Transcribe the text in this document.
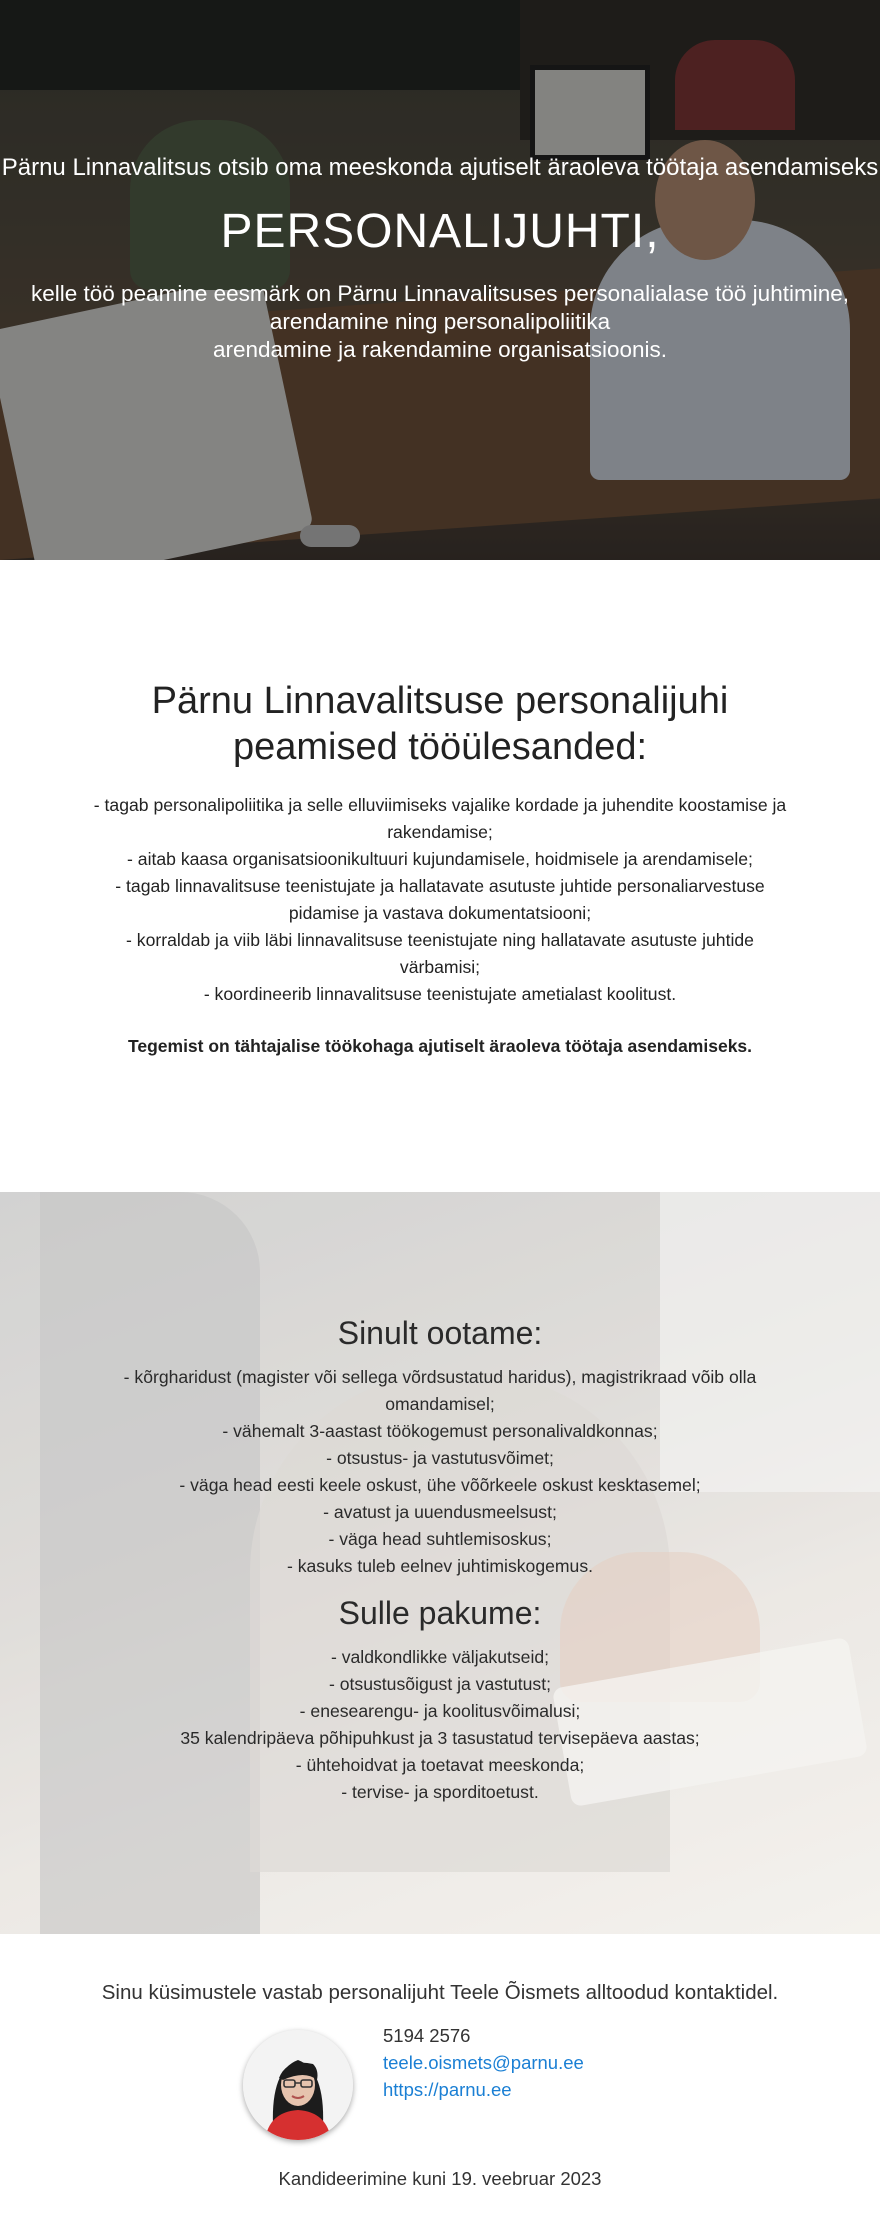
Pärnu Linnavalitsus otsib oma meeskonda ajutiselt äraoleva töötaja asendamiseks
PERSONALIJUHTI,
kelle töö peamine eesmärk on Pärnu Linnavalitsuses personalialase töö juhtimine,
arendamine ning personalipoliitika
arendamine ja rakendamine organisatsioonis.
Pärnu Linnavalitsuse personalijuhi
peamised tööülesanded:
- tagab personalipoliitika ja selle elluviimiseks vajalike kordade ja juhendite koostamise ja rakendamise;
- aitab kaasa organisatsioonikultuuri kujundamisele, hoidmisele ja arendamisele;
- tagab linnavalitsuse teenistujate ja hallatavate asutuste juhtide personaliarvestuse pidamise ja vastava dokumentatsiooni;
- korraldab ja viib läbi linnavalitsuse teenistujate ning hallatavate asutuste juhtide värbamisi;
- koordineerib linnavalitsuse teenistujate ametialast koolitust.
Tegemist on tähtajalise töökohaga ajutiselt äraoleva töötaja asendamiseks.
Sinult ootame:
- kõrgharidust (magister või sellega võrdsustatud haridus), magistrikraad võib olla omandamisel;
- vähemalt 3-aastast töökogemust personalivaldkonnas;
- otsustus- ja vastutusvõimet;
- väga head eesti keele oskust, ühe võõrkeele oskust kesktasemel;
- avatust ja uuendusmeelsust;
- väga head suhtlemisoskus;
- kasuks tuleb eelnev juhtimiskogemus.
Sulle pakume:
- valdkondlikke väljakutseid;
- otsustusõigust ja vastutust;
- enesearengu- ja koolitusvõimalusi;
35 kalendripäeva põhipuhkust ja 3 tasustatud tervisepäeva aastas;
- ühtehoidvat ja toetavat meeskonda;
- tervise- ja sporditoetust.
Sinu küsimustele vastab personalijuht Teele Õismets alltoodud kontaktidel.
5194 2576
teele.oismets@parnu.ee
https://parnu.ee
Kandideerimine kuni 19. veebruar 2023
